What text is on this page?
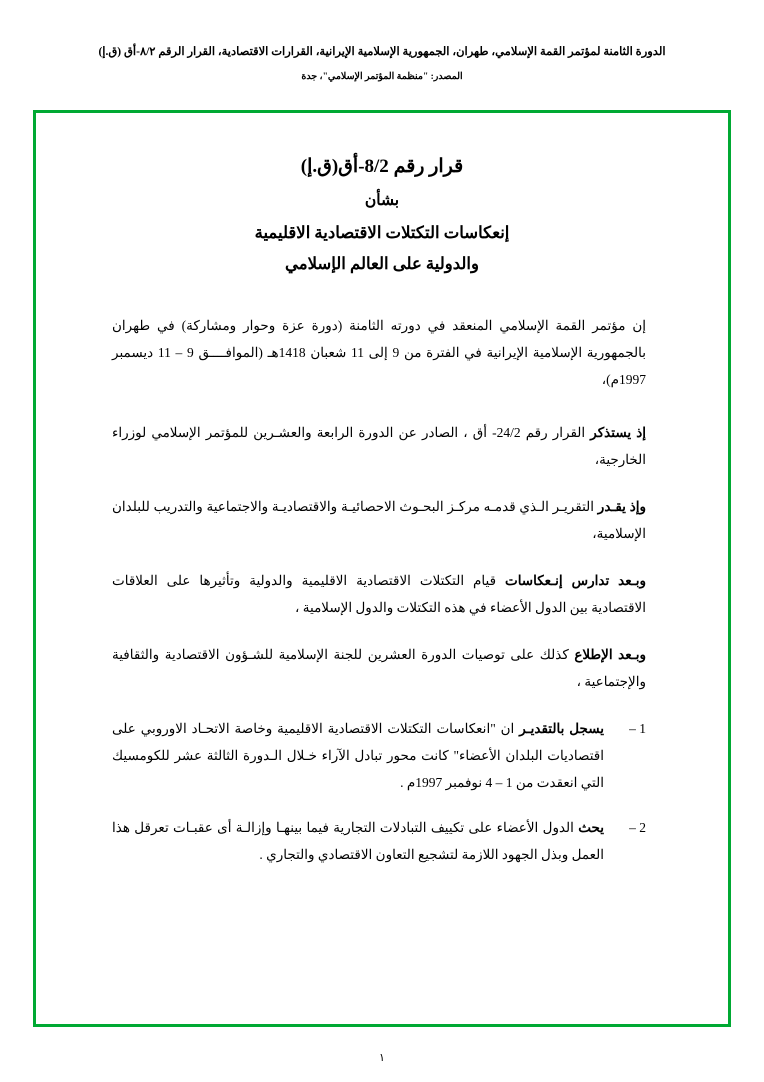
الدورة الثامنة لمؤتمر القمة الإسلامي، طهران، الجمهورية الإسلامية الإيرانية، القرارات الاقتصادية، القرار الرقم ٨/٢-أق (ق.إ)
المصدر: "منظمة المؤتمر الإسلامي"، جدة
قرار رقم 8/2-أق(ق.إ)
بشأن
إنعكاسات التكتلات الاقتصادية الاقليمية
والدولية على العالم الإسلامي

إن مؤتمر القمة الإسلامي المنعقد في دورته الثامنة (دورة عزة وحوار ومشاركة) في طهران بالجمهورية الإسلامية الإيرانية في الفترة من 9 إلى 11 شعبان 1418هـ (الموافــــق 9 – 11 ديسمبر 1997م)،

إذ يستذكر القرار رقم 24/2- أق ، الصادر عن الدورة الرابعة والعشـرين للمؤتمر الإسلامي لوزراء الخارجية،

وإذ يقـدر التقريـر الـذي قدمـه مركـز البحـوث الاحصائيـة والاقتصاديـة والاجتماعية والتدريب للبلدان الإسلامية،

وبـعد تدارس إنـعكاسات قيام التكتلات الاقتصادية الاقليمية والدولية وتأثيرها على العلاقات الاقتصادية بين الدول الأعضاء في هذه التكتلات والدول الإسلامية ،

وبـعد الإطلاع كذلك على توصيات الدورة العشرين للجنة الإسلامية للشـؤون الاقتصادية والثقافية والإجتماعية ،

1 –
يسجل بالتقديـر ان "انعكاسات التكتلات الاقتصادية الاقليمية وخاصة الاتحـاد الاوروبي على اقتصاديات البلدان الأعضاء" كانت محور تبادل الآراء خـلال الـدورة الثالثة عشر للكومسيك التي انعقدت من 1 – 4 نوفمبر 1997م .
2 –
يحث الدول الأعضاء على تكييف التبادلات التجارية فيما بينهـا وإزالـة أى عقبـات تعرقل هذا العمل وبذل الجهود اللازمة لتشجيع التعاون الاقتصادي والتجاري .
١
